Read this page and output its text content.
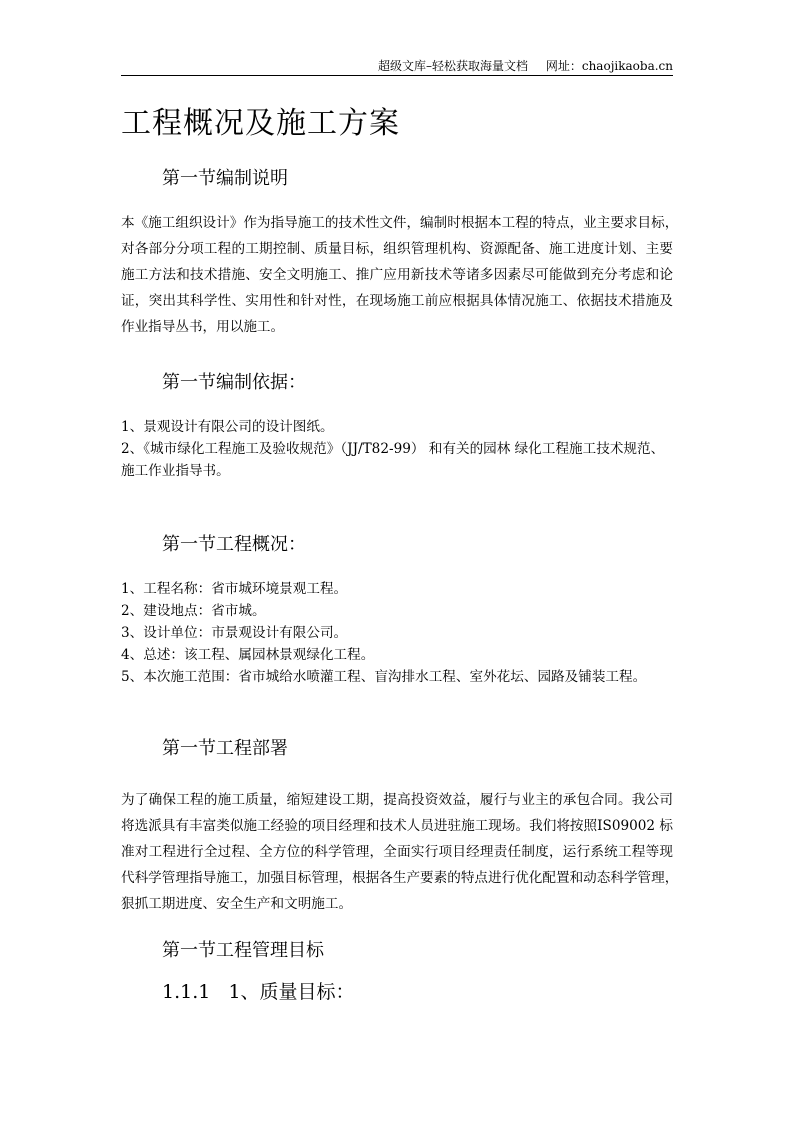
超级文库–轻松获取海量文档 网址：chaojikaoba.cn
工程概况及施工方案
第一节编制说明
本《施工组织设计》作为指导施工的技术性文件，编制时根据本工程的特点，业主要求目标，
对各部分分项工程的工期控制、质量目标，组织管理机构、资源配备、施工进度计划、主要
施工方法和技术措施、安全文明施工、推广应用新技术等诸多因素尽可能做到充分考虑和论
证，突出其科学性、实用性和针对性，在现场施工前应根据具体情况施工、依据技术措施及
作业指导丛书，用以施工。
第一节编制依据：
1、景观设计有限公司的设计图纸。
2、《城市绿化工程施工及验收规范》（JJ/T82-99） 和有关的园林 绿化工程施工技术规范、
施工作业指导书。
第一节工程概况：
1、工程名称：省市城环境景观工程。
2、建设地点：省市城。
3、设计单位：市景观设计有限公司。
4、总述：该工程、属园林景观绿化工程。
5、本次施工范围：省市城给水喷灌工程、盲沟排水工程、室外花坛、园路及铺装工程。
第一节工程部署
为了确保工程的施工质量，缩短建设工期，提高投资效益，履行与业主的承包合同。我公司
将选派具有丰富类似施工经验的项目经理和技术人员进驻施工现场。我们将按照IS09002 标
准对工程进行全过程、全方位的科学管理，全面实行项目经理责任制度，运行系统工程等现
代科学管理指导施工，加强目标管理，根据各生产要素的特点进行优化配置和动态科学管理，
狠抓工期进度、安全生产和文明施工。
第一节工程管理目标
1.1.1   1、质量目标：
